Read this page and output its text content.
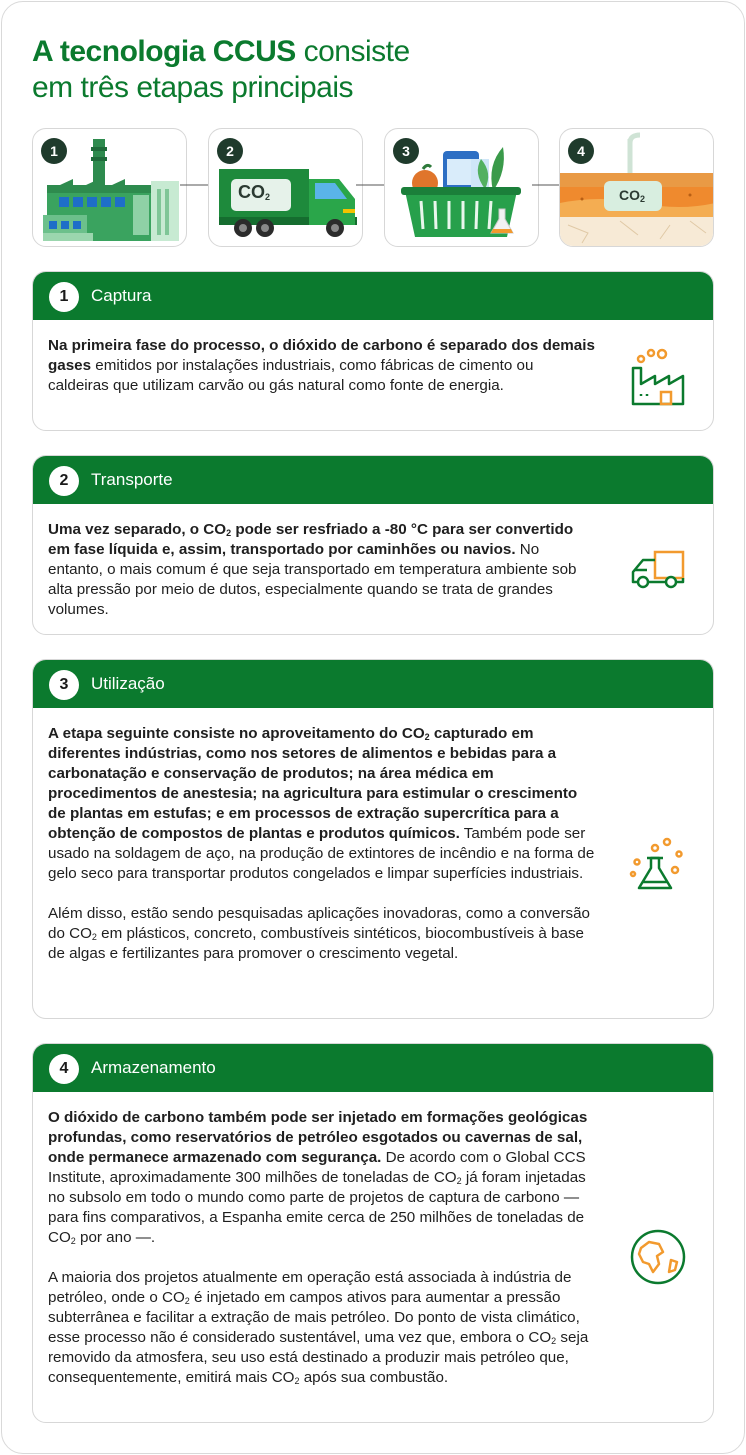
A tecnologia CCUS consiste
em três etapas principais
1	2
$CO_2$
3	4
$CO_2$
1	Captura

Na primeira fase do processo, o dióxido de carbono é separado dos demais gases emitidos por instalações industriais, como fábricas de cimento ou caldeiras que utilizam carvão ou gás natural como fonte de energia.

2	Transporte

Uma vez separado, o $CO_2$ pode ser resfriado a -80 °C para ser convertido em fase líquida e, assim, transportado por caminhões ou navios. No entanto, o mais comum é que seja transportado em temperatura ambiente sob alta pressão por meio de dutos, especialmente quando se trata de grandes volumes.

3	Utilização

A etapa seguinte consiste no aproveitamento do $CO_2$ capturado em diferentes indústrias, como nos setores de alimentos e bebidas para a carbonatação e conservação de produtos; na área médica em procedimentos de anestesia; na agricultura para estimular o crescimento de plantas em estufas; e em processos de extração supercrítica para a obtenção de compostos de plantas e produtos químicos. Também pode ser usado na soldagem de aço, na produção de extintores de incêndio e na forma de gelo seco para transportar produtos congelados e limpar superfícies industriais.

Além disso, estão sendo pesquisadas aplicações inovadoras, como a conversão do $CO_2$ em plásticos, concreto, combustíveis sintéticos, biocombustíveis à base de algas e fertilizantes para promover o crescimento vegetal.

4	Armazenamento

O dióxido de carbono também pode ser injetado em formações geológicas profundas, como reservatórios de petróleo esgotados ou cavernas de sal, onde permanece armazenado com segurança. De acordo com o Global CCS Institute, aproximadamente 300 milhões de toneladas de $CO_2$ já foram injetadas no subsolo em todo o mundo como parte de projetos de captura de carbono — para fins comparativos, a Espanha emite cerca de 250 milhões de toneladas de $CO_2$ por ano —.

A maioria dos projetos atualmente em operação está associada à indústria de petróleo, onde o $CO_2$ é injetado em campos ativos para aumentar a pressão subterrânea e facilitar a extração de mais petróleo. Do ponto de vista climático, esse processo não é considerado sustentável, uma vez que, embora o $CO_2$ seja removido da atmosfera, seu uso está destinado a produzir mais petróleo que, consequentemente, emitirá mais $CO_2$ após sua combustão.
